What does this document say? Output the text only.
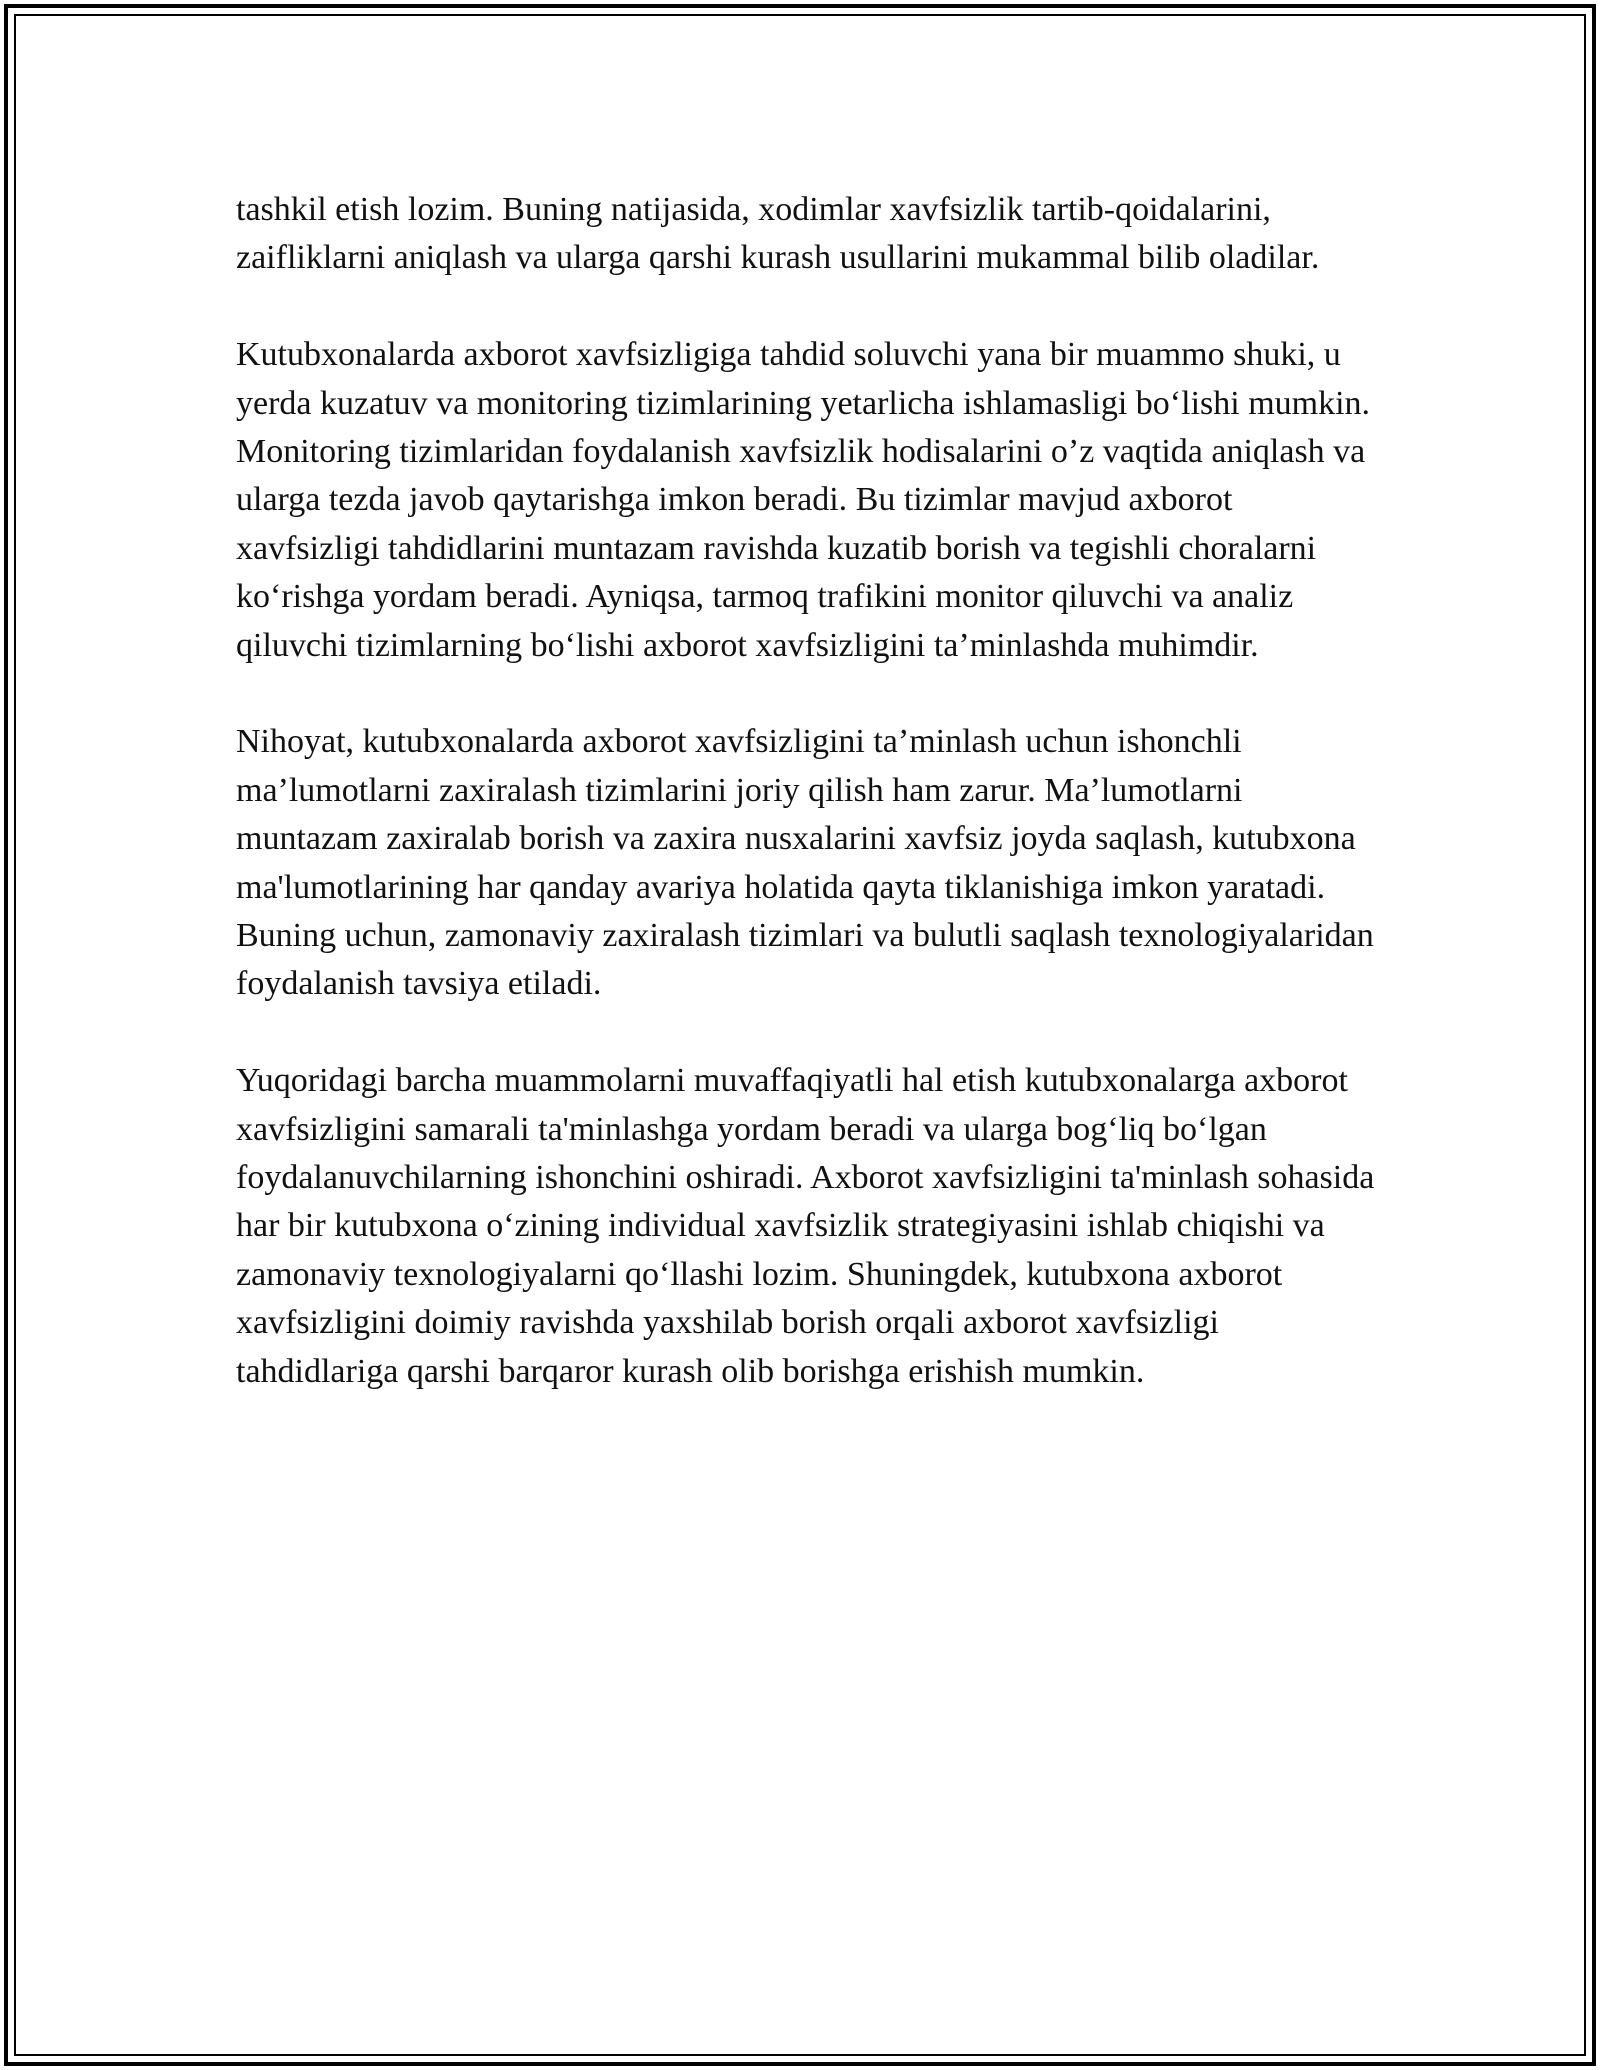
tashkil etish lozim. Buning natijasida, xodimlar xavfsizlik tartib-qoidalarini, zaifliklarni aniqlash va ularga qarshi kurash usullarini mukammal bilib oladilar.

Kutubxonalarda axborot xavfsizligiga tahdid soluvchi yana bir muammo shuki, u yerda kuzatuv va monitoring tizimlarining yetarlicha ishlamasligi bo‘lishi mumkin. Monitoring tizimlaridan foydalanish xavfsizlik hodisalarini o’z vaqtida aniqlash va ularga tezda javob qaytarishga imkon beradi. Bu tizimlar mavjud axborot xavfsizligi tahdidlarini muntazam ravishda kuzatib borish va tegishli choralarni ko‘rishga yordam beradi. Ayniqsa, tarmoq trafikini monitor qiluvchi va analiz qiluvchi tizimlarning bo‘lishi axborot xavfsizligini ta’minlashda muhimdir.

Nihoyat, kutubxonalarda axborot xavfsizligini ta’minlash uchun ishonchli ma’lumotlarni zaxiralash tizimlarini joriy qilish ham zarur. Ma’lumotlarni muntazam zaxiralab borish va zaxira nusxalarini xavfsiz joyda saqlash, kutubxona ma'lumotlarining har qanday avariya holatida qayta tiklanishiga imkon yaratadi. Buning uchun, zamonaviy zaxiralash tizimlari va bulutli saqlash texnologiyalaridan foydalanish tavsiya etiladi.

Yuqoridagi barcha muammolarni muvaffaqiyatli hal etish kutubxonalarga axborot xavfsizligini samarali ta'minlashga yordam beradi va ularga bog‘liq bo‘lgan foydalanuvchilarning ishonchini oshiradi. Axborot xavfsizligini ta'minlash sohasida har bir kutubxona o‘zining individual xavfsizlik strategiyasini ishlab chiqishi va zamonaviy texnologiyalarni qo‘llashi lozim. Shuningdek, kutubxona axborot xavfsizligini doimiy ravishda yaxshilab borish orqali axborot xavfsizligi tahdidlariga qarshi barqaror kurash olib borishga erishish mumkin.
